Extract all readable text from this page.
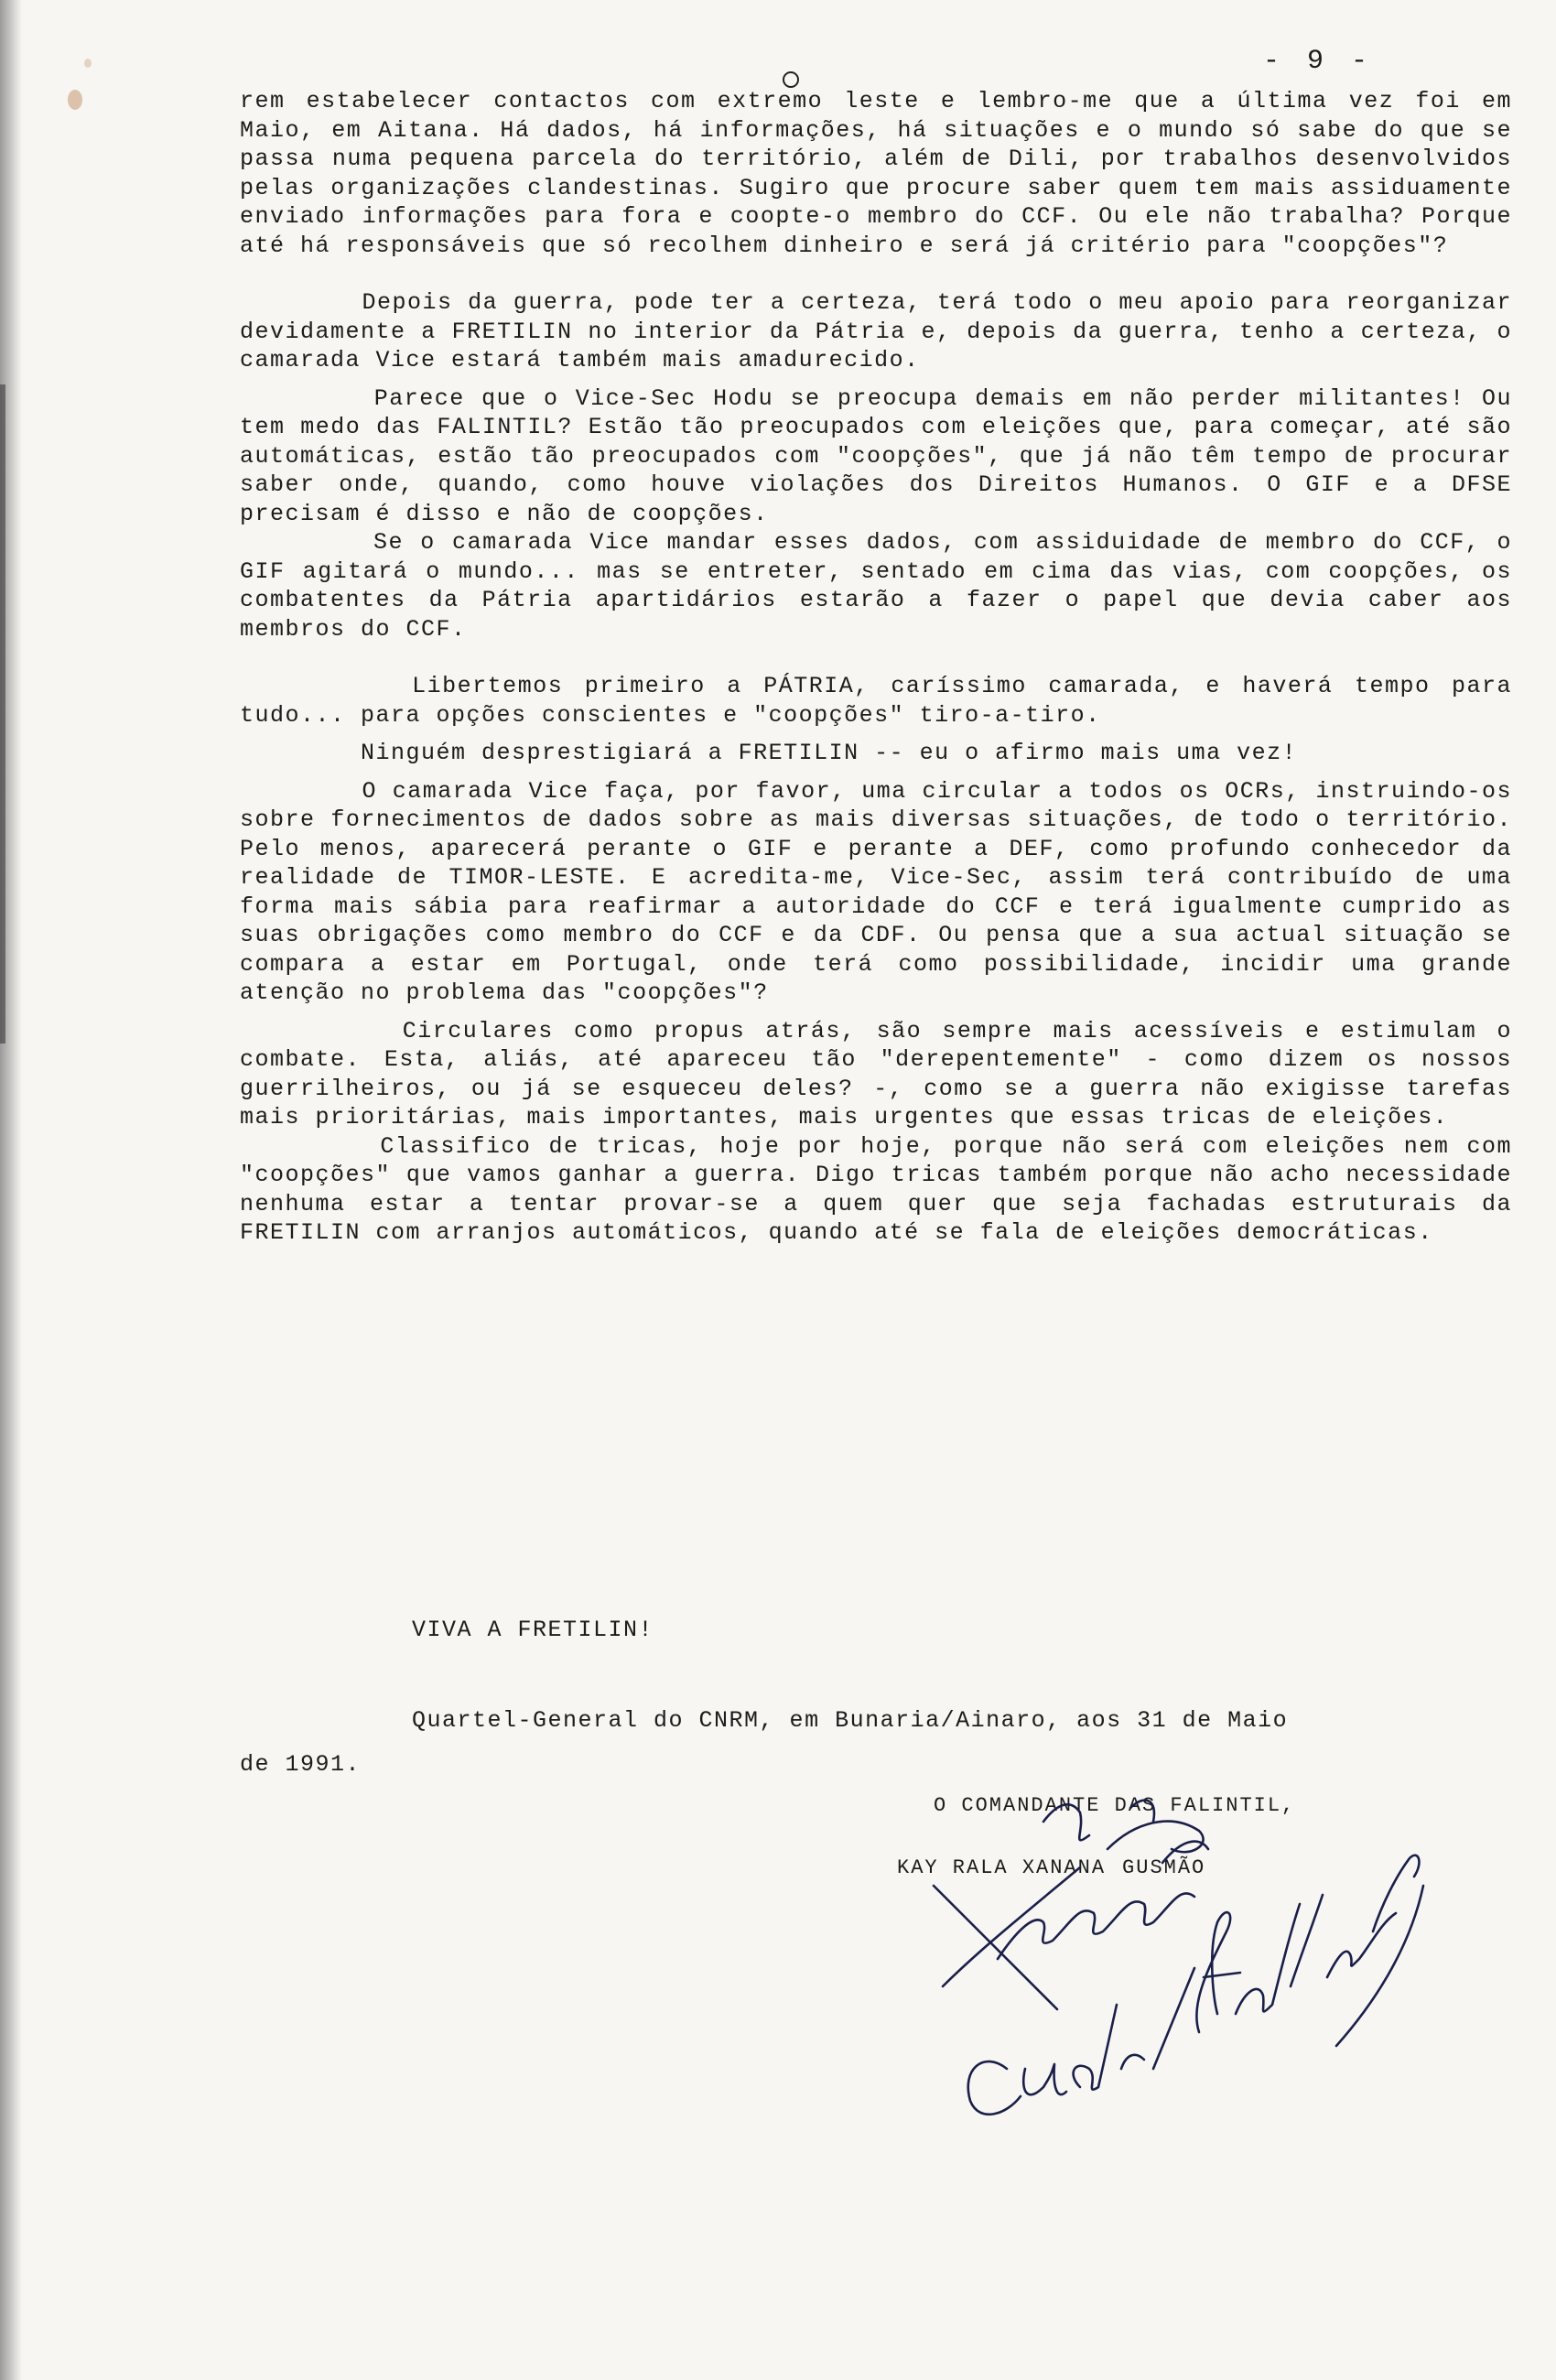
- 9 -

rem estabelecer contactos com extremo leste e lembro-me que a última vez foi em Maio, em Aitana. Há dados, há informações, há situações e o mundo só sabe do que se passa numa pequena parcela do território, além de Dili, por trabalhos desenvolvidos pelas organizações clandestinas. Sugiro que procure saber quem tem mais assiduamente enviado informações para fora e coopte-o membro do CCF. Ou ele não trabalha? Porque até há responsáveis que só recolhem dinheiro e será já critério para "coopções"?

Depois da guerra, pode ter a certeza, terá todo o meu apoio para reorganizar devidamente a FRETILIN no interior da Pátria e, depois da guerra, tenho a certeza, o camarada Vice estará também mais amadurecido.

Parece que o Vice-Sec Hodu se preocupa demais em não perder militantes! Ou tem medo das FALINTIL? Estão tão preocupados com eleições que, para começar, até são automáticas, estão tão preocupados com "coopções", que já não têm tempo de procurar saber onde, quando, como houve violações dos Direitos Humanos. O GIF e a DFSE precisam é disso e não de coopções.

Se o camarada Vice mandar esses dados, com assiduidade de membro do CCF, o GIF agitará o mundo... mas se entreter, sentado em cima das vias, com coopções, os combatentes da Pátria apartidários estarão a fazer o papel que devia caber aos membros do CCF.

Libertemos primeiro a PÁTRIA, caríssimo camarada, e haverá tempo para tudo... para opções conscientes e "coopções" tiro-a-tiro.

Ninguém desprestigiará a FRETILIN -- eu o afirmo mais uma vez!

O camarada Vice faça, por favor, uma circular a todos os OCRs, instruindo-os sobre fornecimentos de dados sobre as mais diversas situações, de todo o território. Pelo menos, aparecerá perante o GIF e perante a DEF, como profundo conhecedor da realidade de TIMOR-LESTE. E acredita-me, Vice-Sec, assim terá contribuído de uma forma mais sábia para reafirmar a autoridade do CCF e terá igualmente cumprido as suas obrigações como membro do CCF e da CDF. Ou pensa que a sua actual situação se compara a estar em Portugal, onde terá como possibilidade, incidir uma grande atenção no problema das "coopções"?

Circulares como propus atrás, são sempre mais acessíveis e estimulam o combate. Esta, aliás, até apareceu tão "derepentemente" - como dizem os nossos guerrilheiros, ou já se esqueceu deles? -, como se a guerra não exigisse tarefas mais prioritárias, mais importantes, mais urgentes que essas tricas de eleições.

Classifico de tricas, hoje por hoje, porque não será com eleições nem com "coopções" que vamos ganhar a guerra. Digo tricas também porque não acho necessidade nenhuma estar a tentar provar-se a quem quer que seja fachadas estruturais da FRETILIN com arranjos automáticos, quando até se fala de eleições democráticas.

VIVA A FRETILIN!
Quartel-General do CNRM, em Bunaria/Ainaro, aos 31 de Maio
de 1991.
O COMANDANTE DAS FALINTIL,
KAY RALA XANANA GUSMÃO
